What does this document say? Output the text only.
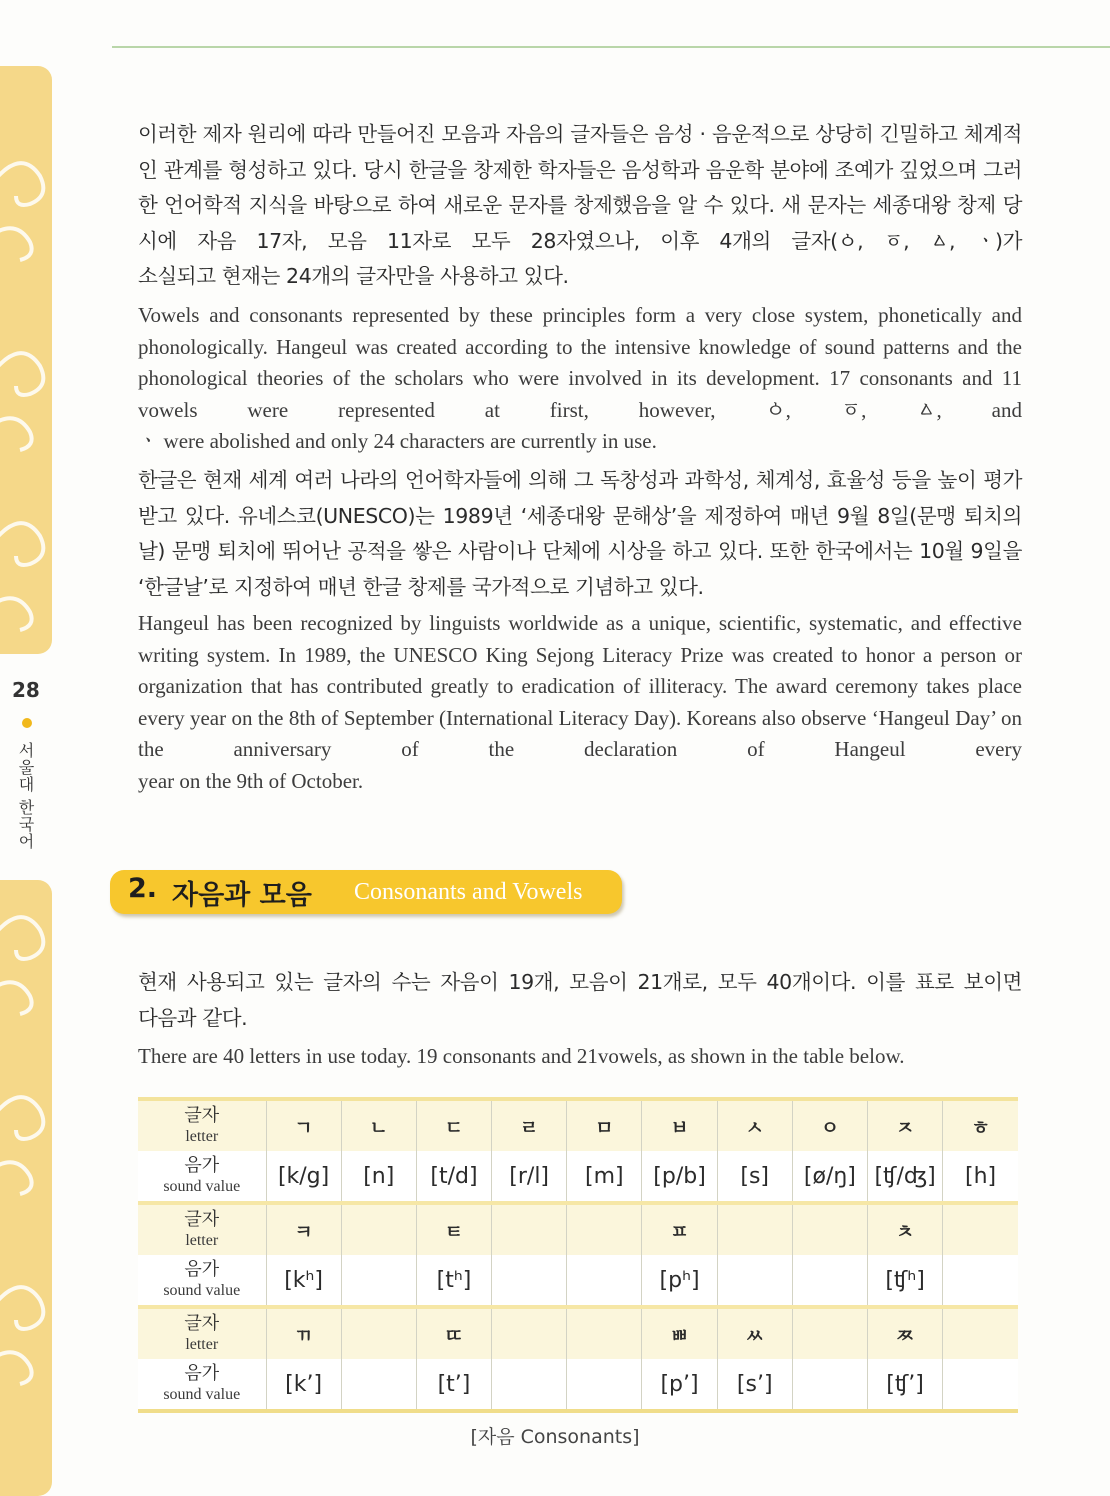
28
서울대 한국어

이러한 제자 원리에 따라 만들어진 모음과 자음의 글자들은 음성 · 음운적으로 상당히 긴밀하고 체계적인 관계를 형성하고 있다. 당시 한글을 창제한 학자들은 음성학과 음운학 분야에 조예가 깊었으며 그러한 언어학적 지식을 바탕으로 하여 새로운 문자를 창제했음을 알 수 있다. 새 문자는 세종대왕 창제 당시에 자음 17자, 모음 11자로 모두 28자였으나, 이후 4개의 글자(ㆁ, ㆆ, ㅿ, ㆍ)가
소실되고 현재는 24개의 글자만을 사용하고 있다.

Vowels and consonants represented by these principles form a very close system, phonetically and phonologically. Hangeul was created according to the intensive knowledge of sound patterns and the phonological theories of the scholars who were involved in its development. 17 consonants and 11 vowels were represented at first, however, ㆁ, ㆆ, ㅿ, and
ㆍ were abolished and only 24 characters are currently in use.

한글은 현재 세계 여러 나라의 언어학자들에 의해 그 독창성과 과학성, 체계성, 효율성 등을 높이 평가받고 있다. 유네스코(UNESCO)는 1989년 ‘세종대왕 문해상’을 제정하여 매년 9월 8일(문맹 퇴치의 날) 문맹 퇴치에 뛰어난 공적을 쌓은 사람이나 단체에 시상을 하고 있다. 또한 한국에서는 10월 9일을
‘한글날’로 지정하여 매년 한글 창제를 국가적으로 기념하고 있다.

Hangeul has been recognized by linguists worldwide as a unique, scientific, systematic, and effective writing system. In 1989, the UNESCO King Sejong Literacy Prize was created to honor a person or organization that has contributed greatly to eradication of illiteracy. The award ceremony takes place every year on the 8th of September (International Literacy Day). Koreans also observe ‘Hangeul Day’ on the anniversary of the declaration of Hangeul every
year on the 9th of October.

2. 자음과 모음 Consonants and Vowels

현재 사용되고 있는 글자의 수는 자음이 19개, 모음이 21개로, 모두 40개이다. 이를 표로 보이면
다음과 같다.

There are 40 letters in use today. 19 consonants and 21vowels, as shown in the table below.

글자
letter	ㄱ	ㄴ	ㄷ	ㄹ	ㅁ	ㅂ	ㅅ	ㅇ	ㅈ	ㅎ

음가
sound value	[k/g]	[n]	[t/d]	[r/l]	[m]	[p/b]	[s]	[ø/ŋ]	[ʧ/ʤ]	[h]

글자
letter	ㅋ		ㅌ			ㅍ			ㅊ	

음가
sound value	[kʰ]		[tʰ]			[pʰ]			[ʧʰ]	

글자
letter	ㄲ		ㄸ			ㅃ	ㅆ		ㅉ	

음가
sound value	[k’]		[t’]			[p’]	[s’]		[ʧ’]	
[자음 Consonants]
